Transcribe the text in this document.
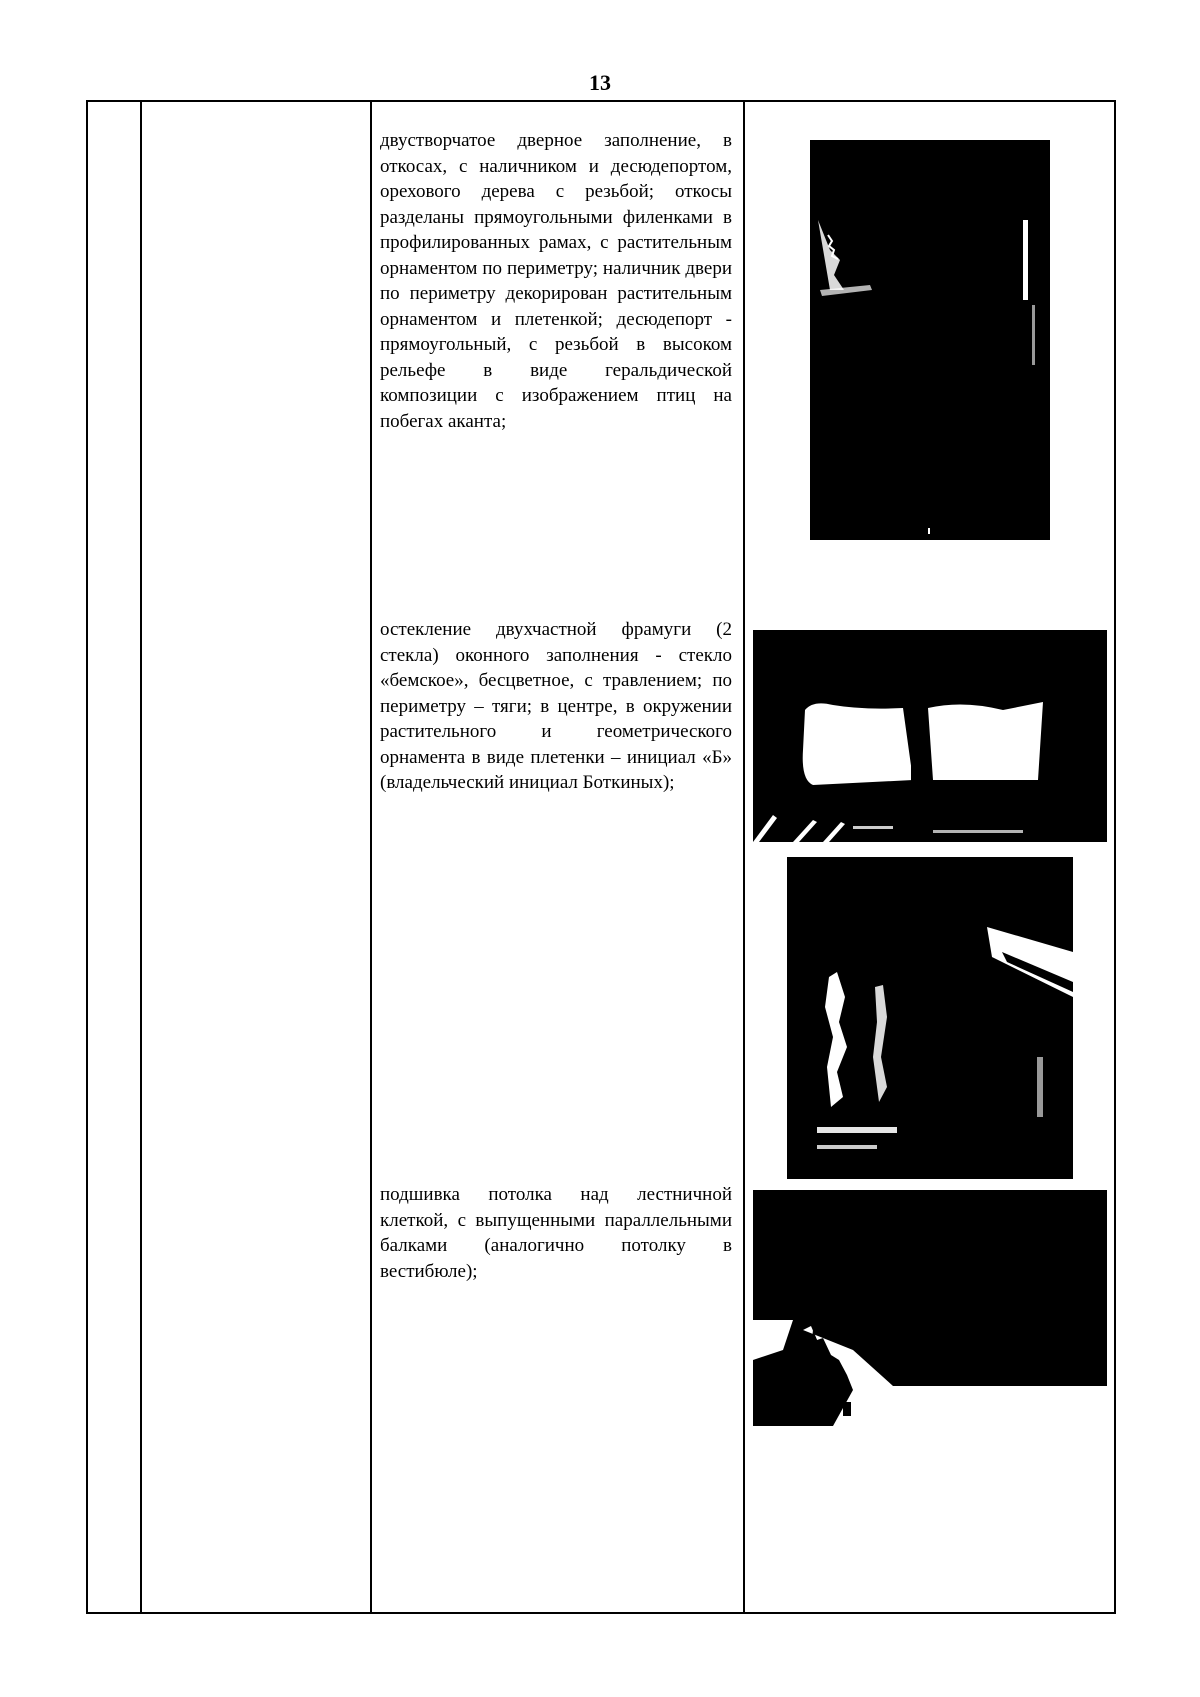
13
двустворчатое дверное заполнение, в откосах, с наличником и десюдепортом, орехового дерева с резьбой; откосы разделаны прямоугольными филенками в профилированных рамах, с растительным орнаментом по периметру; наличник двери по периметру декорирован растительным орнаментом и плетенкой; десюдепорт - прямоугольный, с резьбой в высоком рельефе в виде геральдической композиции с изображением птиц на побегах аканта;
остекление двухчастной фрамуги (2 стекла) оконного заполнения - стекло «бемское», бесцветное, с травлением; по периметру – тяги; в центре, в окружении растительного и геометрического орнамента в виде плетенки – инициал «Б» (владельческий инициал Боткиных);
подшивка потолка над лестничной клеткой, с выпущенными параллельными балками (аналогично потолку в вестибюле);
